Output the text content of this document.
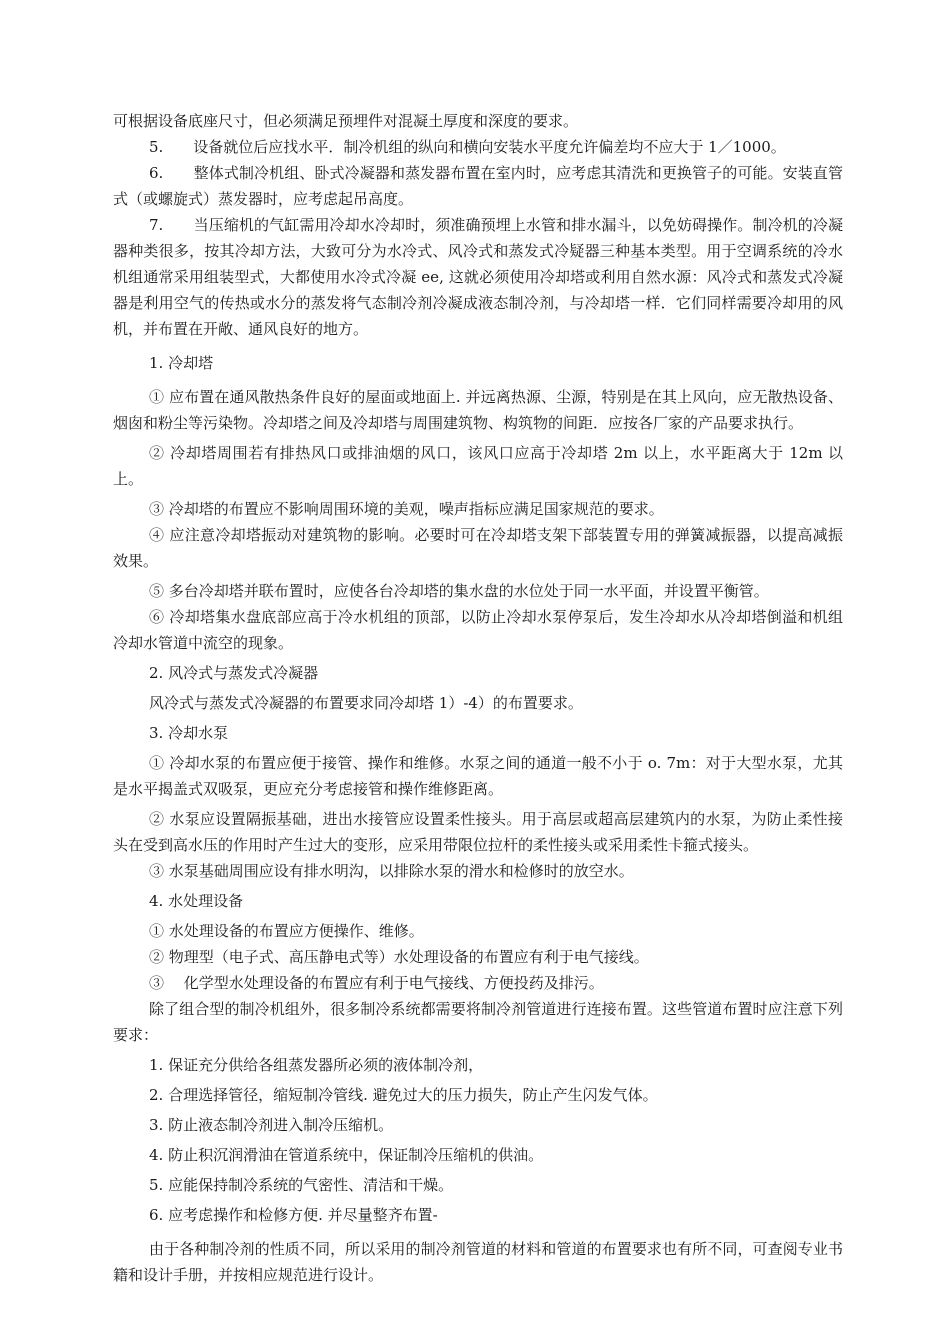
可根据设备底座尺寸，但必须满足预埋件对混凝土厚度和深度的要求。

5.　　设备就位后应找水平．制冷机组的纵向和横向安装水平度允许偏差均不应大于 1／1000。

6.　　整体式制冷机组、卧式冷凝器和蒸发器布置在室内时，应考虑其清洗和更换管子的可能。安装直管式（或螺旋式）蒸发器时，应考虑起吊高度。

7.　　当压缩机的气缸需用冷却水冷却时，须准确预埋上水管和排水漏斗，以免妨碍操作。制冷机的冷凝器种类很多，按其冷却方法，大致可分为水冷式、风冷式和蒸发式冷疑器三种基本类型。用于空调系统的冷水机组通常采用组装型式，大都使用水冷式冷凝 ee, 这就必须使用冷却塔或利用自然水源：风冷式和蒸发式冷凝器是利用空气的传热或水分的蒸发将气态制冷剂冷凝成液态制冷剂，与冷却塔一样．它们同样需要冷却用的风机，并布置在开敞、通风良好的地方。

1. 冷却塔

① 应布置在通风散热条件良好的屋面或地面上. 并远离热源、尘源，特别是在其上风向，应无散热设备、烟囱和粉尘等污染物。冷却塔之间及冷却塔与周围建筑物、构筑物的间距．应按各厂家的产品要求执行。

② 冷却塔周围若有排热风口或排油烟的风口，该风口应高于冷却塔 2m 以上，水平距离大于 12m 以上。

③ 冷却塔的布置应不影响周围环境的美观，噪声指标应满足国家规范的要求。

④ 应注意冷却塔振动对建筑物的影响。必要时可在冷却塔支架下部装置专用的弹簧减振器，以提高减振效果。

⑤ 多台冷却塔并联布置时，应使各台冷却塔的集水盘的水位处于同一水平面，并设置平衡管。

⑥ 冷却塔集水盘底部应高于冷水机组的顶部，以防止冷却水泵停泵后，发生冷却水从冷却塔倒溢和机组冷却水管道中流空的现象。

2. 风冷式与蒸发式冷凝器

风冷式与蒸发式冷凝器的布置要求同冷却塔 1）-4）的布置要求。

3. 冷却水泵

① 冷却水泵的布置应便于接管、操作和维修。水泵之间的通道一般不小于 o. 7m：对于大型水泵，尤其是水平揭盖式双吸泵，更应充分考虑接管和操作维修距离。

② 水泵应设置隔振基础，进出水接管应设置柔性接头。用于高层或超高层建筑内的水泵，为防止柔性接头在受到高水压的作用时产生过大的变形，应采用带限位拉杆的柔性接头或采用柔性卡箍式接头。

③ 水泵基础周围应设有排水明沟，以排除水泵的滑水和检修时的放空水。

4. 水处理设备

① 水处理设备的布置应方便操作、维修。

② 物理型（电子式、高压静电式等）水处理设备的布置应有利于电气接线。

③　 化学型水处理设备的布置应有利于电气接线、方便投药及排污。

除了组合型的制冷机组外，很多制冷系统都需要将制冷剂管道进行连接布置。这些管道布置时应注意下列要求：

1. 保证充分供给各组蒸发器所必须的液体制冷剂，

2. 合理选择管径，缩短制冷管线. 避免过大的压力损失，防止产生闪发气体。

3. 防止液态制冷剂进入制冷压缩机。

4. 防止积沉润滑油在管道系统中，保证制冷压缩机的供油。

5. 应能保持制冷系统的气密性、清洁和干燥。

6. 应考虑操作和检修方便. 并尽量整齐布置-

由于各种制冷剂的性质不同，所以采用的制冷剂管道的材料和管道的布置要求也有所不同，可查阅专业书籍和设计手册，并按相应规范进行设计。
